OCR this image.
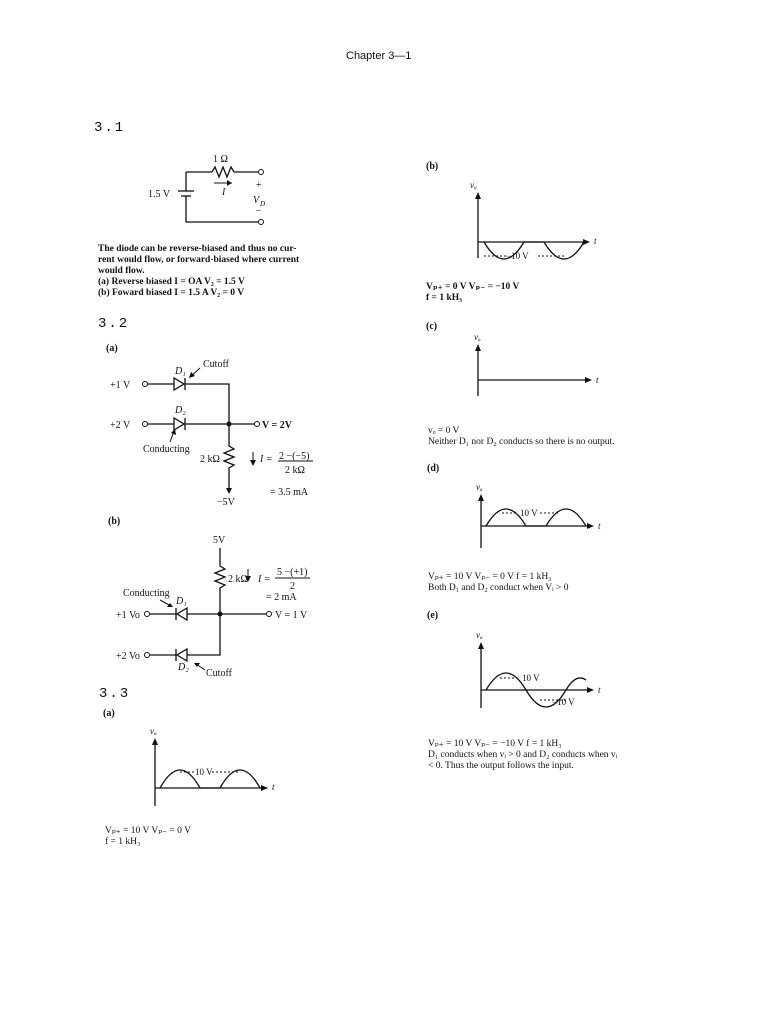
Chapter 3—1
3.1
1 Ω
I
1.5 V
+
V D
−
The diode can be reverse-biased and thus no cur-
rent would flow, or forward-biased where current
would flow.
(a) Reverse biased I = OA V₂ = 1.5 V
(b) Foward biased I = 1.5 A V₂ = 0 V
3.2
(a)
D₁
Cutoff
+1 V
D₂
+2 V	V = 2V
Conducting
2 kΩ	I = 2 −(−5)
2 kΩ
= 3.5 mA
−5V
(b)
5V
2 kΩ I =
5 −(+1)
2
= 2 mA
Conducting
D₁
+1 Vo	V = 1 V
+2 Vo
D₂
Cutoff
3.3
(a)
vₒ
t
10 V
Vₚ₊ = 10 V Vₚ₋ = 0 V
f = 1 kH₃
(b)
vₒ
t
−10 V
Vₚ₊ = 0 V Vₚ₋ = −10 V
f = 1 kH₃
(c)
vₒ
t
vₒ = 0 V
Neither D₁ nor D₂ conducts so there is no output.
(d)
vₒ
t
10 V
Vₚ₊ = 10 V Vₚ₋ = 0 V f = 1 kH₃
Both D₁ and D₂ conduct when Vᵢ > 0
(e)
vₒ
t
10 V
−10 V
Vₚ₊ = 10 V Vₚ₋ = −10 V f = 1 kH₃
D₁ conducts when vᵢ > 0 and D₂ conducts when vᵢ
< 0. Thus the output follows the input.
